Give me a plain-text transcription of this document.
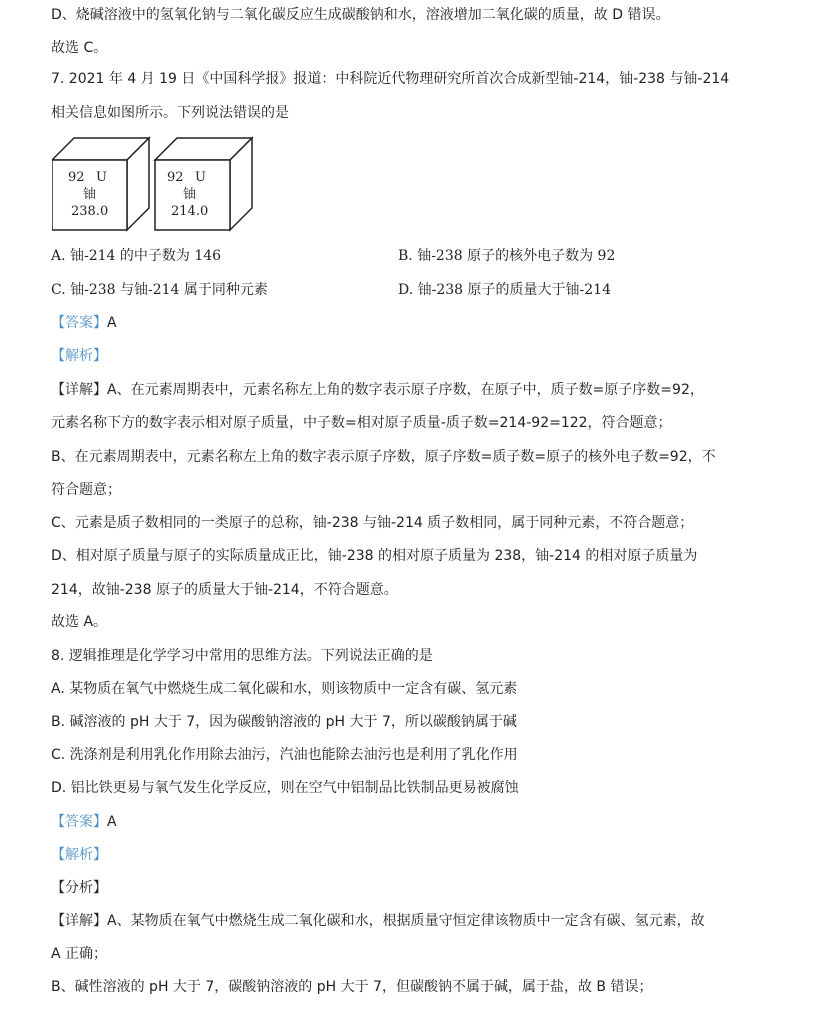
D、烧碱溶液中的氢氧化钠与二氧化碳反应生成碳酸钠和水，溶液增加二氧化碳的质量，故 D 错误。
故选 C。
7. 2021 年 4 月 19 日《中国科学报》报道：中科院近代物理研究所首次合成新型铀-214，铀-238 与铀-214
相关信息如图所示。下列说法错误的是
92 U
铀
238.0
92 U
铀
214.0
A. 铀-214 的中子数为 146	B. 铀-238 原子的核外电子数为 92
C. 铀-238 与铀-214 属于同种元素	D. 铀-238 原子的质量大于铀-214
【答案】A
【解析】
【详解】A、在元素周期表中，元素名称左上角的数字表示原子序数，在原子中，质子数=原子序数=92，
元素名称下方的数字表示相对原子质量，中子数=相对原子质量-质子数=214-92=122，符合题意；
B、在元素周期表中，元素名称左上角的数字表示原子序数，原子序数=质子数=原子的核外电子数=92，不
符合题意；
C、元素是质子数相同的一类原子的总称，铀-238 与铀-214 质子数相同，属于同种元素，不符合题意；
D、相对原子质量与原子的实际质量成正比，铀-238 的相对原子质量为 238，铀-214 的相对原子质量为
214，故铀-238 原子的质量大于铀-214，不符合题意。
故选 A。
8. 逻辑推理是化学学习中常用的思维方法。下列说法正确的是
A. 某物质在氧气中燃烧生成二氧化碳和水，则该物质中一定含有碳、氢元素
B. 碱溶液的 pH 大于 7，因为碳酸钠溶液的 pH 大于 7，所以碳酸钠属于碱
C. 洗涤剂是利用乳化作用除去油污，汽油也能除去油污也是利用了乳化作用
D. 铝比铁更易与氧气发生化学反应，则在空气中铝制品比铁制品更易被腐蚀
【答案】A
【解析】
【分析】
【详解】A、某物质在氧气中燃烧生成二氧化碳和水，根据质量守恒定律该物质中一定含有碳、氢元素，故
A 正确；
B、碱性溶液的 pH 大于 7，碳酸钠溶液的 pH 大于 7，但碳酸钠不属于碱，属于盐，故 B 错误；
